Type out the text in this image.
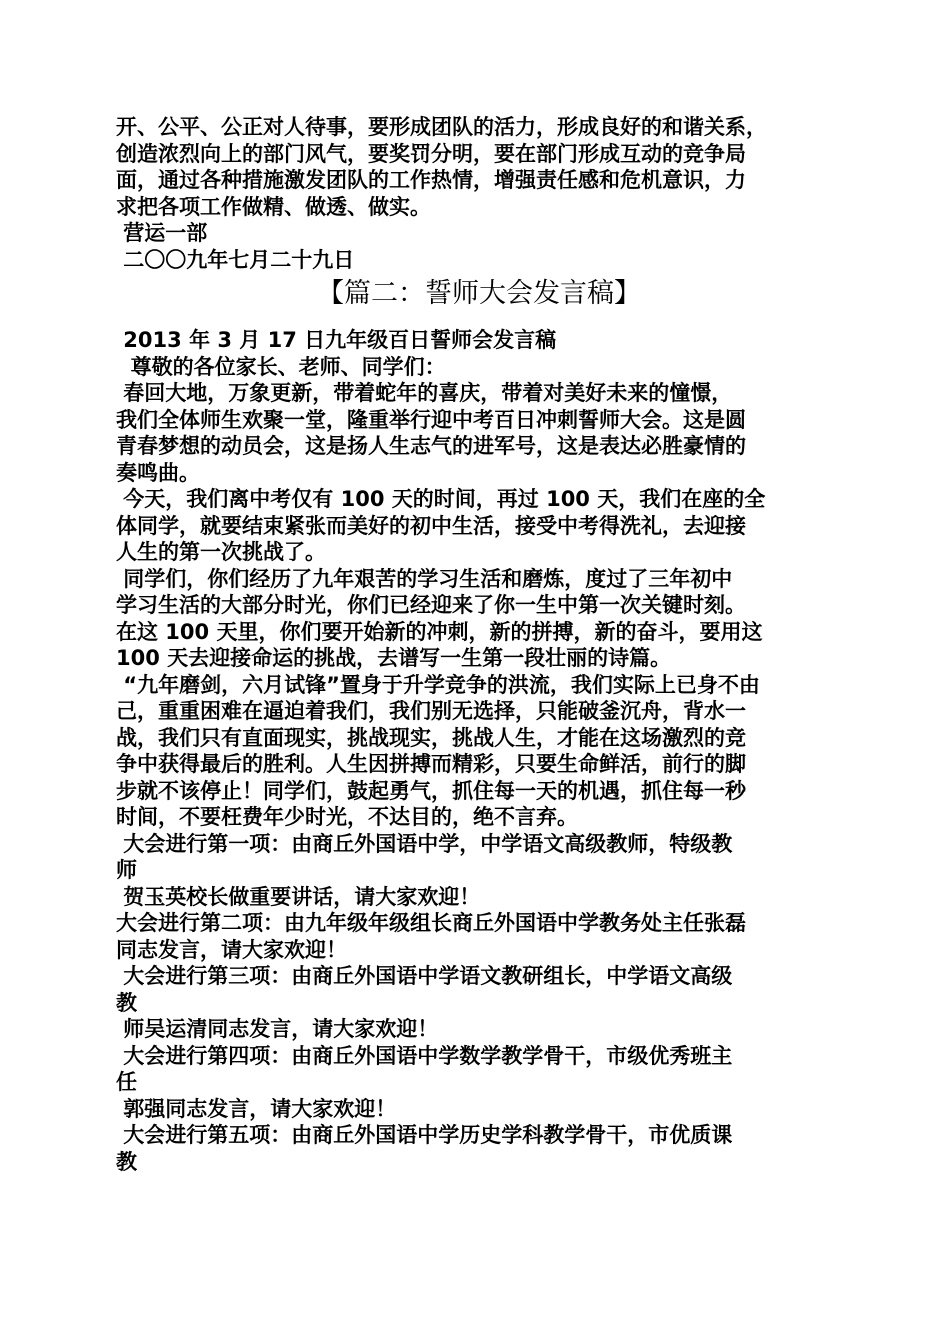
开、公平、公正对人待事，要形成团队的活力，形成良好的和谐关系，
创造浓烈向上的部门风气，要奖罚分明，要在部门形成互动的竞争局
面，通过各种措施激发团队的工作热情，增强责任感和危机意识，力
求把各项工作做精、做透、做实。
营运一部
二〇〇九年七月二十九日
【篇二：誓师大会发言稿】
2013 年 3 月 17 日九年级百日誓师会发言稿
尊敬的各位家长、老师、同学们：
春回大地，万象更新，带着蛇年的喜庆，带着对美好未来的憧憬，
我们全体师生欢聚一堂，隆重举行迎中考百日冲刺誓师大会。这是圆
青春梦想的动员会，这是扬人生志气的进军号，这是表达必胜豪情的
奏鸣曲。
今天，我们离中考仅有 100 天的时间，再过 100 天，我们在座的全
体同学，就要结束紧张而美好的初中生活，接受中考得洗礼，去迎接
人生的第一次挑战了。
同学们，你们经历了九年艰苦的学习生活和磨炼，度过了三年初中
学习生活的大部分时光，你们已经迎来了你一生中第一次关键时刻。
在这 100 天里，你们要开始新的冲刺，新的拼搏，新的奋斗，要用这
100 天去迎接命运的挑战，去谱写一生第一段壮丽的诗篇。
“九年磨剑，六月试锋”置身于升学竞争的洪流，我们实际上已身不由
己，重重困难在逼迫着我们，我们别无选择，只能破釜沉舟，背水一
战，我们只有直面现实，挑战现实，挑战人生，才能在这场激烈的竞
争中获得最后的胜利。人生因拼搏而精彩，只要生命鲜活，前行的脚
步就不该停止！同学们，鼓起勇气，抓住每一天的机遇，抓住每一秒
时间，不要枉费年少时光，不达目的，绝不言弃。
大会进行第一项：由商丘外国语中学，中学语文高级教师，特级教
师
贺玉英校长做重要讲话，请大家欢迎！
大会进行第二项：由九年级年级组长商丘外国语中学教务处主任张磊
同志发言，请大家欢迎！
大会进行第三项：由商丘外国语中学语文教研组长，中学语文高级
教
师吴运清同志发言，请大家欢迎！
大会进行第四项：由商丘外国语中学数学教学骨干，市级优秀班主
任
郭强同志发言，请大家欢迎！
大会进行第五项：由商丘外国语中学历史学科教学骨干，市优质课
教
